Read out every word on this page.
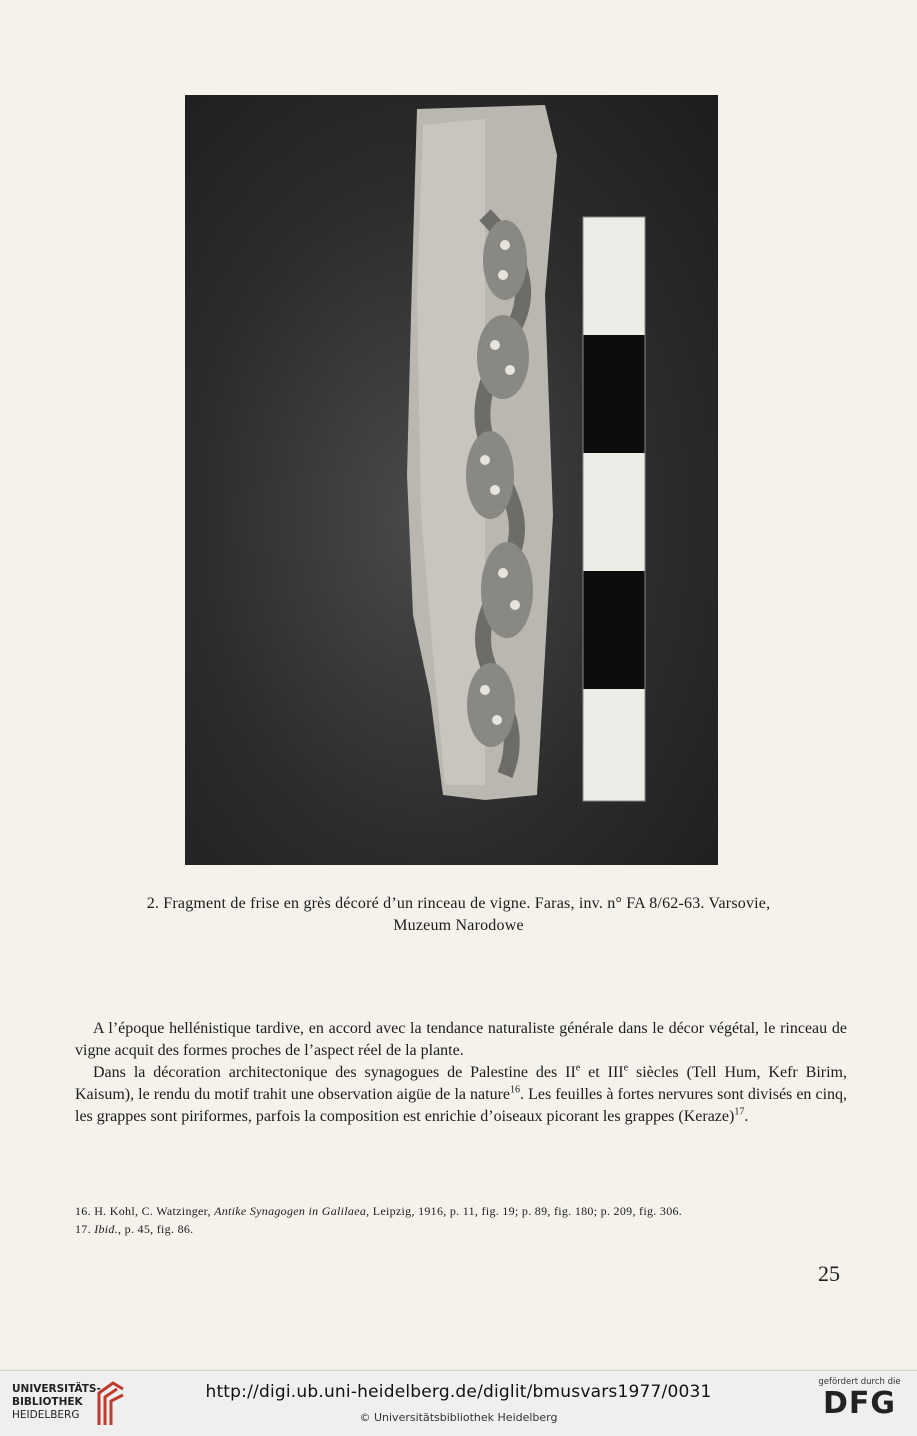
2. Fragment de frise en grès décoré d’un rinceau de vigne. Faras, inv. n° FA 8/62-63. Varsovie,
Muzeum Narodowe

A l’époque hellénistique tardive, en accord avec la tendance naturaliste générale dans le décor végétal, le rinceau de vigne acquit des formes proches de l’aspect réel de la plante.

Dans la décoration architectonique des synagogues de Palestine des IIe et IIIe siècles (Tell Hum, Kefr Birim, Kaisum), le rendu du motif trahit une observation aigüe de la nature$^{16}$. Les feuilles à fortes nervures sont divisés en cinq, les grappes sont piriformes, parfois la composition est enrichie d’oiseaux picorant les grappes (Keraze)$^{17}$.

16. H. Kohl, C. Watzinger, Antike Synagogen in Galilaea, Leipzig, 1916, p. 11, fig. 19; p. 89, fig. 180; p. 209, fig. 306.

17. Ibid., p. 45, fig. 86.

25
UNIVERSITÄTS-
BIBLIOTHEK
HEIDELBERG
http://digi.ub.uni-heidelberg.de/diglit/bmusvars1977/0031
© Universitätsbibliothek Heidelberg
gefördert durch die
DFG
